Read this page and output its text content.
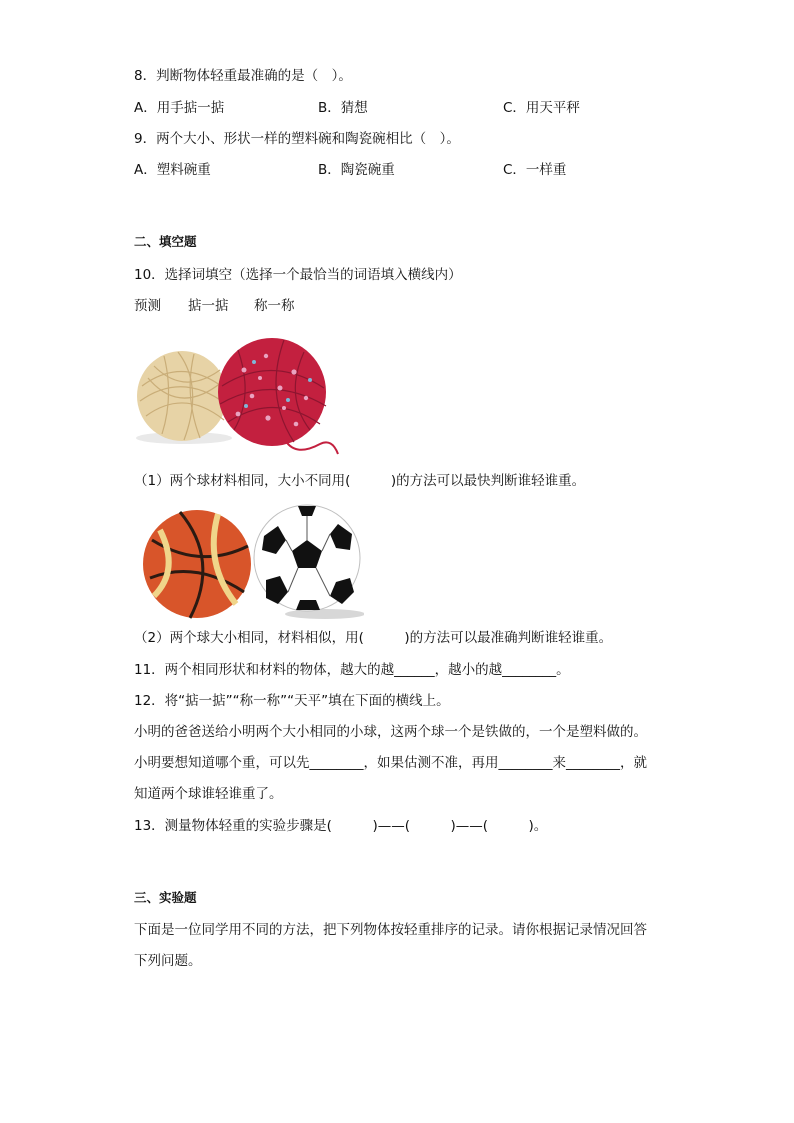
8．判断物体轻重最准确的是（　）。
A．用手掂一掂	B．猜想	C．用天平秤
9．两个大小、形状一样的塑料碗和陶瓷碗相比（　）。
A．塑料碗重	B．陶瓷碗重	C．一样重
二、填空题
10．选择词填空（选择一个最恰当的词语填入横线内）
预测 掂一掂 称一称
（1）两个球材料相同，大小不同用(　　　)的方法可以最快判断谁轻谁重。
（2）两个球大小相同，材料相似，用(　　　)的方法可以最准确判断谁轻谁重。
11．两个相同形状和材料的物体，越大的越______，越小的越________。
12．将“掂一掂”“称一称”“天平”填在下面的横线上。
小明的爸爸送给小明两个大小相同的小球，这两个球一个是铁做的，一个是塑料做的。
小明要想知道哪个重，可以先________，如果估测不准，再用________来________，就
知道两个球谁轻谁重了。
13．测量物体轻重的实验步骤是(　　　)——(　　　)——(　　　)。
三、实验题
下面是一位同学用不同的方法，把下列物体按轻重排序的记录。请你根据记录情况回答
下列问题。
